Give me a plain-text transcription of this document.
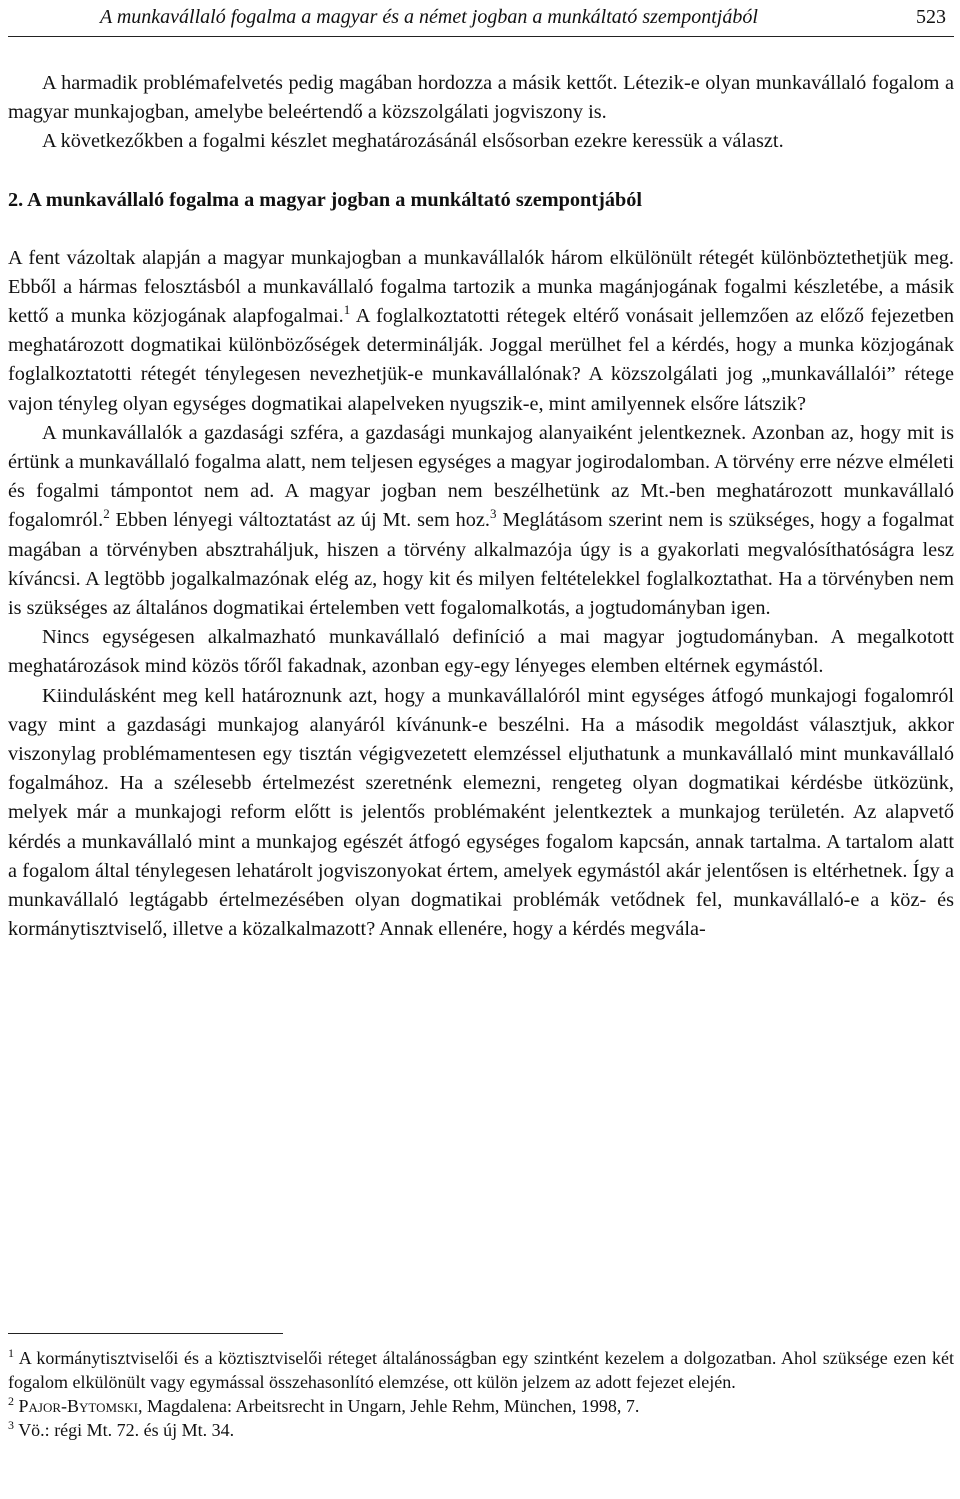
A munkavállaló fogalma a magyar és a német jogban a munkáltató szempontjából	523

A harmadik problémafelvetés pedig magában hordozza a másik kettőt. Létezik-e olyan munkavállaló fogalom a magyar munkajogban, amelybe beleértendő a közszolgálati jogviszony is.

A következőkben a fogalmi készlet meghatározásánál elsősorban ezekre keressük a választ.

2. A munkavállaló fogalma a magyar jogban a munkáltató szempontjából

A fent vázoltak alapján a magyar munkajogban a munkavállalók három elkülönült rétegét különböztethetjük meg. Ebből a hármas felosztásból a munkavállaló fogalma tartozik a munka magánjogának fogalmi készletébe, a másik kettő a munka közjogának alapfogalmai.$^1$ A foglalkoztatotti rétegek eltérő vonásait jellemzően az előző fejezetben meghatározott dogmatikai különbözőségek determinálják. Joggal merülhet fel a kérdés, hogy a munka közjogának foglalkoztatotti rétegét ténylegesen nevezhetjük-e munkavállalónak? A közszolgálati jog „munkavállalói” rétege vajon tényleg olyan egységes dogmatikai alapelveken nyugszik-e, mint amilyennek elsőre látszik?

A munkavállalók a gazdasági szféra, a gazdasági munkajog alanyaiként jelentkeznek. Azonban az, hogy mit is értünk a munkavállaló fogalma alatt, nem teljesen egységes a magyar jogirodalomban. A törvény erre nézve elméleti és fogalmi támpontot nem ad. A magyar jogban nem beszélhetünk az Mt.-ben meghatározott munkavállaló fogalomról.$^2$ Ebben lényegi változtatást az új Mt. sem hoz.$^3$ Meglátásom szerint nem is szükséges, hogy a fogalmat magában a törvényben absztraháljuk, hiszen a törvény alkalmazója úgy is a gyakorlati megvalósíthatóságra lesz kíváncsi. A legtöbb jogalkalmazónak elég az, hogy kit és milyen feltételekkel foglalkoztathat. Ha a törvényben nem is szükséges az általános dogmatikai értelemben vett fogalomalkotás, a jogtudományban igen.

Nincs egységesen alkalmazható munkavállaló definíció a mai magyar jogtudományban. A megalkotott meghatározások mind közös tőről fakadnak, azonban egy-egy lényeges elemben eltérnek egymástól.

Kiindulásként meg kell határoznunk azt, hogy a munkavállalóról mint egységes átfogó munkajogi fogalomról vagy mint a gazdasági munkajog alanyáról kívánunk-e beszélni. Ha a második megoldást választjuk, akkor viszonylag problémamentesen egy tisztán végigvezetett elemzéssel eljuthatunk a munkavállaló mint munkavállaló fogalmához. Ha a szélesebb értelmezést szeretnénk elemezni, rengeteg olyan dogmatikai kérdésbe ütközünk, melyek már a munkajogi reform előtt is jelentős problémaként jelentkeztek a munkajog területén. Az alapvető kérdés a munkavállaló mint a munkajog egészét átfogó egységes fogalom kapcsán, annak tartalma. A tartalom alatt a fogalom által ténylegesen lehatárolt jogviszonyokat értem, amelyek egymástól akár jelentősen is eltérhetnek. Így a munkavállaló legtágabb értelmezésében olyan dogmatikai problémák vetődnek fel, munkavállaló-e a köz- és kormánytisztviselő, illetve a közalkalmazott? Annak ellenére, hogy a kérdés megvála-

$^1$ A kormánytisztviselői és a köztisztviselői réteget általánosságban egy szintként kezelem a dolgozatban. Ahol szüksége ezen két fogalom elkülönült vagy egymással összehasonlító elemzése, ott külön jelzem az adott fejezet elején.

$^2$ Pajor-Bytomski, Magdalena: Arbeitsrecht in Ungarn, Jehle Rehm, München, 1998, 7.

$^3$ Vö.: régi Mt. 72. és új Mt. 34.
